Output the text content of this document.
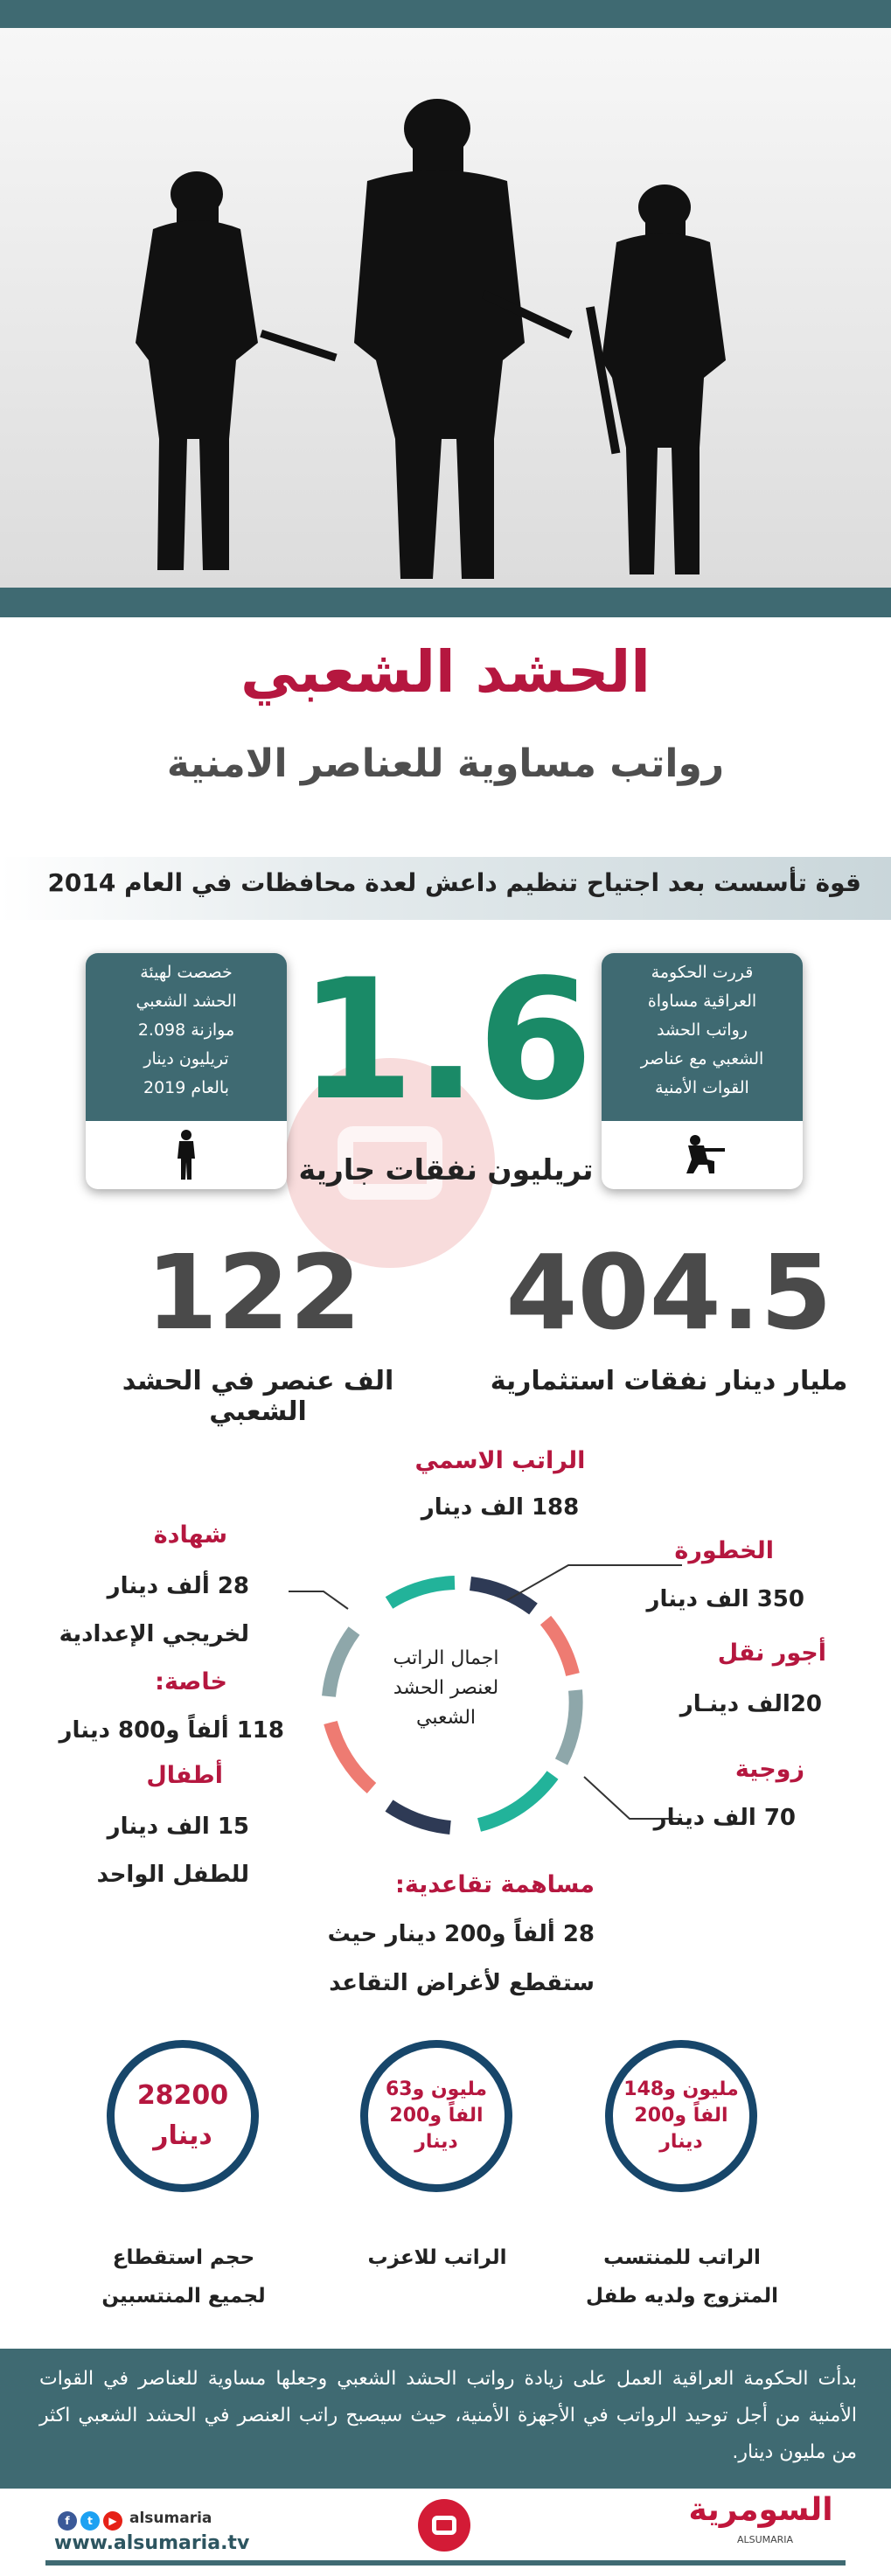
الحشد الشعبي
رواتب مساوية للعناصر الامنية
قوة تأسست بعد اجتياح تنظيم داعش لعدة محافظات في العام 2014
قررت الحكومة
العراقية مساواة
رواتب الحشد
الشعبي مع عناصر
القوات الأمنية
خصصت لهيئة
الحشد الشعبي
موازنة 2.098
تريليون دينار
بالعام 2019 1.6
تريليون نفقات جارية
404.5
122
مليار دينار نفقات استثمارية
الف عنصر في الحشد الشعبي
اجمال الراتب
لعنصر الحشد
الشعبي
الراتب الاسمي
188 الف دينار
الخطورة
350 الف دينار
أجور نقل
20الف دينـار
زوجية
70 الف دينار
مساهمة تقاعدية:
28 ألفاً و200 دينار حيث
ستقطع لأغراض التقاعد
شهادة
28 ألف دينار
لخريجي الإعدادية
خاصة:
118 ألفاً و800 دينار
أطفال
15 الف دينار
للطفل الواحد
مليون و148
الفاً و200
دينار
مليون و63
الفاً و200
دينار
28200
دينار
الراتب للمنتسب
المتزوج ولديه طفل
الراتب للاعزب
حجم استقطاع
لجميع المنتسبين
بدأت الحكومة العراقية العمل على زيادة رواتب الحشد الشعبي وجعلها مساوية للعناصر في القوات الأمنية من أجل توحيد الرواتب في الأجهزة الأمنية، حيث سيصبح راتب العنصر في الحشد الشعبي اكثر من مليون دينار.
f	t	▶ alsumaria
www.alsumaria.tv
السومرية
ALSUMARIA
